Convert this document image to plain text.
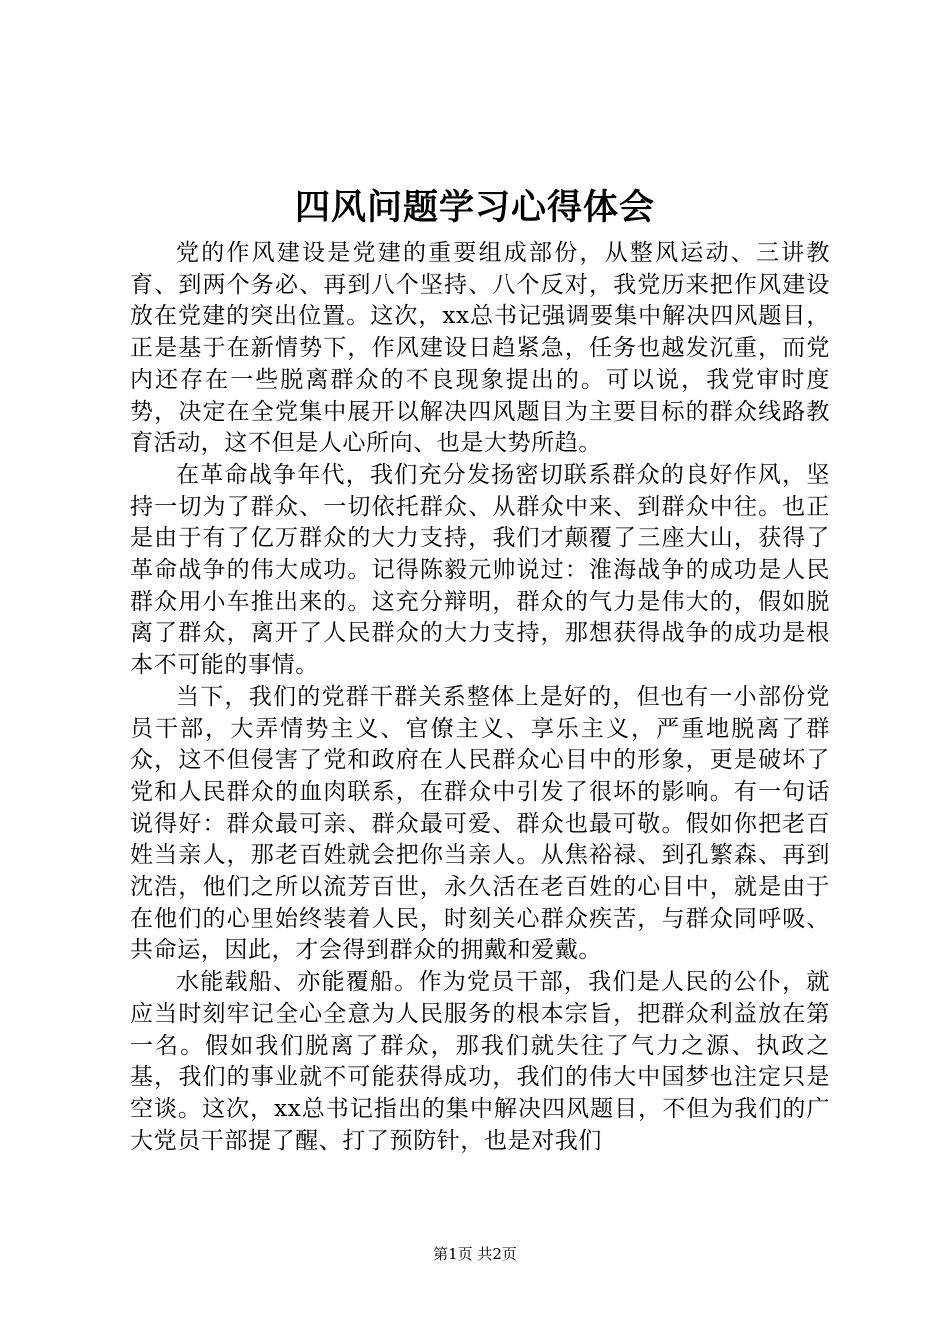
四风问题学习心得体会

党的作风建设是党建的重要组成部份，从整风运动、三讲教育、到两个务必、再到八个坚持、八个反对，我党历来把作风建设放在党建的突出位置。这次，xx总书记强调要集中解决四风题目，正是基于在新情势下，作风建设日趋紧急，任务也越发沉重，而党内还存在一些脱离群众的不良现象提出的。可以说，我党审时度势，决定在全党集中展开以解决四风题目为主要目标的群众线路教育活动，这不但是人心所向、也是大势所趋。

在革命战争年代，我们充分发扬密切联系群众的良好作风，坚持一切为了群众、一切依托群众、从群众中来、到群众中往。也正是由于有了亿万群众的大力支持，我们才颠覆了三座大山，获得了革命战争的伟大成功。记得陈毅元帅说过：淮海战争的成功是人民群众用小车推出来的。这充分辩明，群众的气力是伟大的，假如脱离了群众，离开了人民群众的大力支持，那想获得战争的成功是根本不可能的事情。

当下，我们的党群干群关系整体上是好的，但也有一小部份党员干部，大弄情势主义、官僚主义、享乐主义，严重地脱离了群众，这不但侵害了党和政府在人民群众心目中的形象，更是破坏了党和人民群众的血肉联系，在群众中引发了很坏的影响。有一句话说得好：群众最可亲、群众最可爱、群众也最可敬。假如你把老百姓当亲人，那老百姓就会把你当亲人。从焦裕禄、到孔繁森、再到沈浩，他们之所以流芳百世，永久活在老百姓的心目中，就是由于在他们的心里始终装着人民，时刻关心群众疾苦，与群众同呼吸、共命运，因此，才会得到群众的拥戴和爱戴。

水能载船、亦能覆船。作为党员干部，我们是人民的公仆，就应当时刻牢记全心全意为人民服务的根本宗旨，把群众利益放在第一名。假如我们脱离了群众，那我们就失往了气力之源、执政之基，我们的事业就不可能获得成功，我们的伟大中国梦也注定只是空谈。这次，xx总书记指出的集中解决四风题目，不但为我们的广大党员干部提了醒、打了预防针，也是对我们

第1页 共2页
